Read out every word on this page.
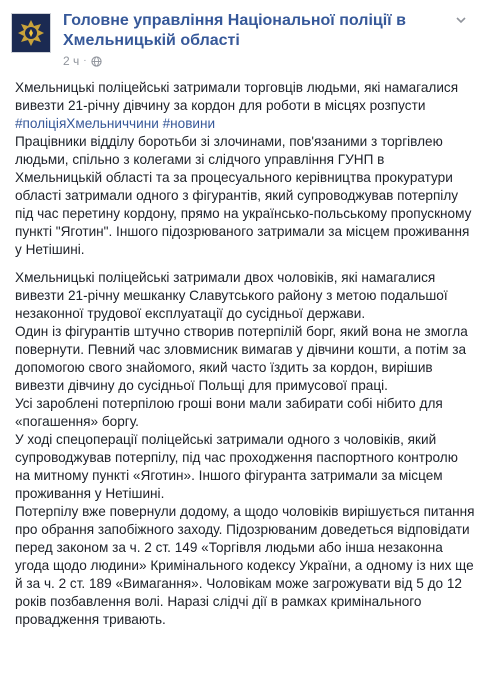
Головне управління Національної поліції в Хмельницькій області
2 ч ·

Хмельницькі поліцейські затримали торговців людьми, які намагалися вивезти 21-річну дівчину за кордон для роботи в місцях розпусти

#поліціяХмельниччини #новини

Працівники відділу боротьби зі злочинами, пов'язаними з торгівлею людьми, спільно з колегами зі слідчого управління ГУНП в Хмельницькій області та за процесуального керівництва прокуратури області затримали одного з фігурантів, який супроводжував потерпілу під час перетину кордону, прямо на українсько-польському пропускному пункті "Яготин". Іншого підозрюваного затримали за місцем проживання у Нетішині.

Хмельницькі поліцейські затримали двох чоловіків, які намагалися вивезти 21-річну мешканку Славутського району з метою подальшої незаконної трудової експлуатації до сусідньої держави.

Один із фігурантів штучно створив потерпілій борг, який вона не змогла повернути. Певний час зловмисник вимагав у дівчини кошти, а потім за допомогою свого знайомого, який часто їздить за кордон, вирішив вивезти дівчину до сусідньої Польщі для примусової праці.

Усі зароблені потерпілою гроші вони мали забирати собі нібито для «погашення» боргу.

У ході спецоперації поліцейські затримали одного з чоловіків, який супроводжував потерпілу, під час проходження паспортного контролю на митному пункті «Яготин». Іншого фігуранта затримали за місцем проживання у Нетішині.

Потерпілу вже повернули додому, а щодо чоловіків вирішується питання про обрання запобіжного заходу. Підозрюваним доведеться відповідати перед законом за ч. 2 ст. 149 «Торгівля людьми або інша незаконна угода щодо людини» Кримінального кодексу України, а одному із них ще й за ч. 2 ст. 189 «Вимагання». Чоловікам може загрожувати від 5 до 12 років позбавлення волі. Наразі слідчі дії в рамках кримінального провадження тривають.
